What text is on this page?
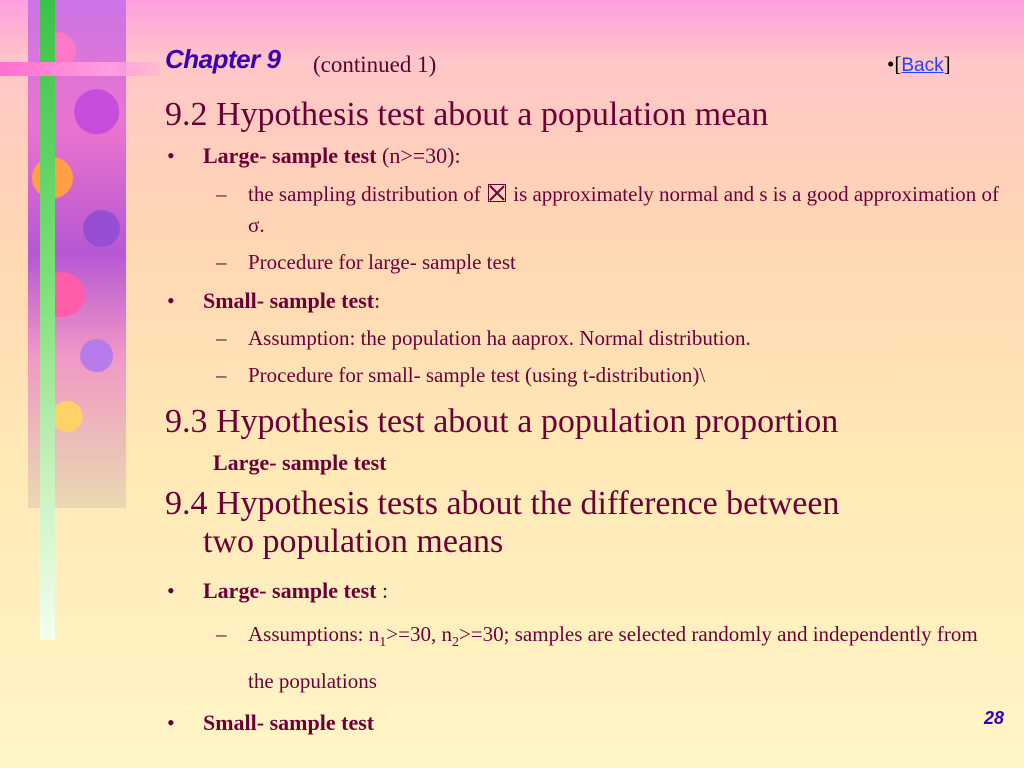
Chapter 9 (continued 1)	•[Back]
9.2 Hypothesis test about a population mean
• Large- sample test (n>=30):
– the sampling distribution of  is approximately normal and s is a good approximation of σ.
– Procedure for large- sample test
• Small- sample test:
– Assumption: the population ha aaprox. Normal distribution.
– Procedure for small- sample test (using t-distribution)\
9.3 Hypothesis test about a population proportion
Large- sample test
9.4 Hypothesis tests about the difference between
two population means
• Large- sample test :
– Assumptions: $n_1>=30$, $n_2>=30$; samples are selected randomly and independently from the populations
• Small- sample test	28
